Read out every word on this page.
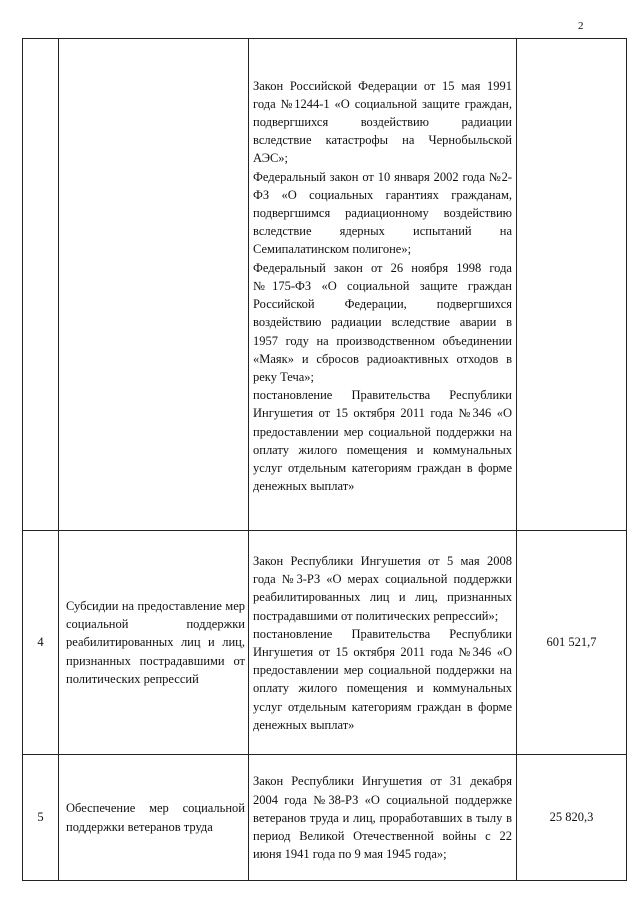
2

		Закон Российской Федерации от 15 мая 1991 года №1244-1 «О социальной защите граждан, подвергшихся воздействию радиации вследствие катастрофы на Чернобыльской АЭС»;

Федеральный закон от 10 января 2002 года №2-ФЗ «О социальных гарантиях гражданам, подвергшимся радиационному воздействию вследствие ядерных испытаний на Семипалатинском полигоне»;

Федеральный закон от 26 ноября 1998 года №175-ФЗ «О социальной защите граждан Российской Федерации, подвергшихся воздействию радиации вследствие аварии в 1957 году на производственном объединении «Маяк» и сбросов радиоактивных отходов в реку Теча»;

постановление Правительства Республики Ингушетия от 15 октября 2011 года №346 «О предоставлении мер социальной поддержки на оплату жилого помещения и коммунальных услуг отдельным категориям граждан в форме денежных выплат»	

4	Субсидии на предоставление мер социальной поддержки реабилитированных лиц и лиц, признанных пострадавшими от политических репрессий	Закон Республики Ингушетия от 5 мая 2008 года №3-РЗ «О мерах социальной поддержки реабилитированных лиц и лиц, признанных пострадавшими от политических репрессий»;

постановление Правительства Республики Ингушетия от 15 октября 2011 года №346 «О предоставлении мер социальной поддержки на оплату жилого помещения и коммунальных услуг отдельным категориям граждан в форме денежных выплат»	601 521,7
5	Обеспечение мер социальной поддержки ветеранов труда	Закон Республики Ингушетия от 31 декабря 2004 года №38-РЗ «О социальной поддержке ветеранов труда и лиц, проработавших в тылу в период Великой Отечественной войны с 22 июня 1941 года по 9 мая 1945 года»;	25 820,3
